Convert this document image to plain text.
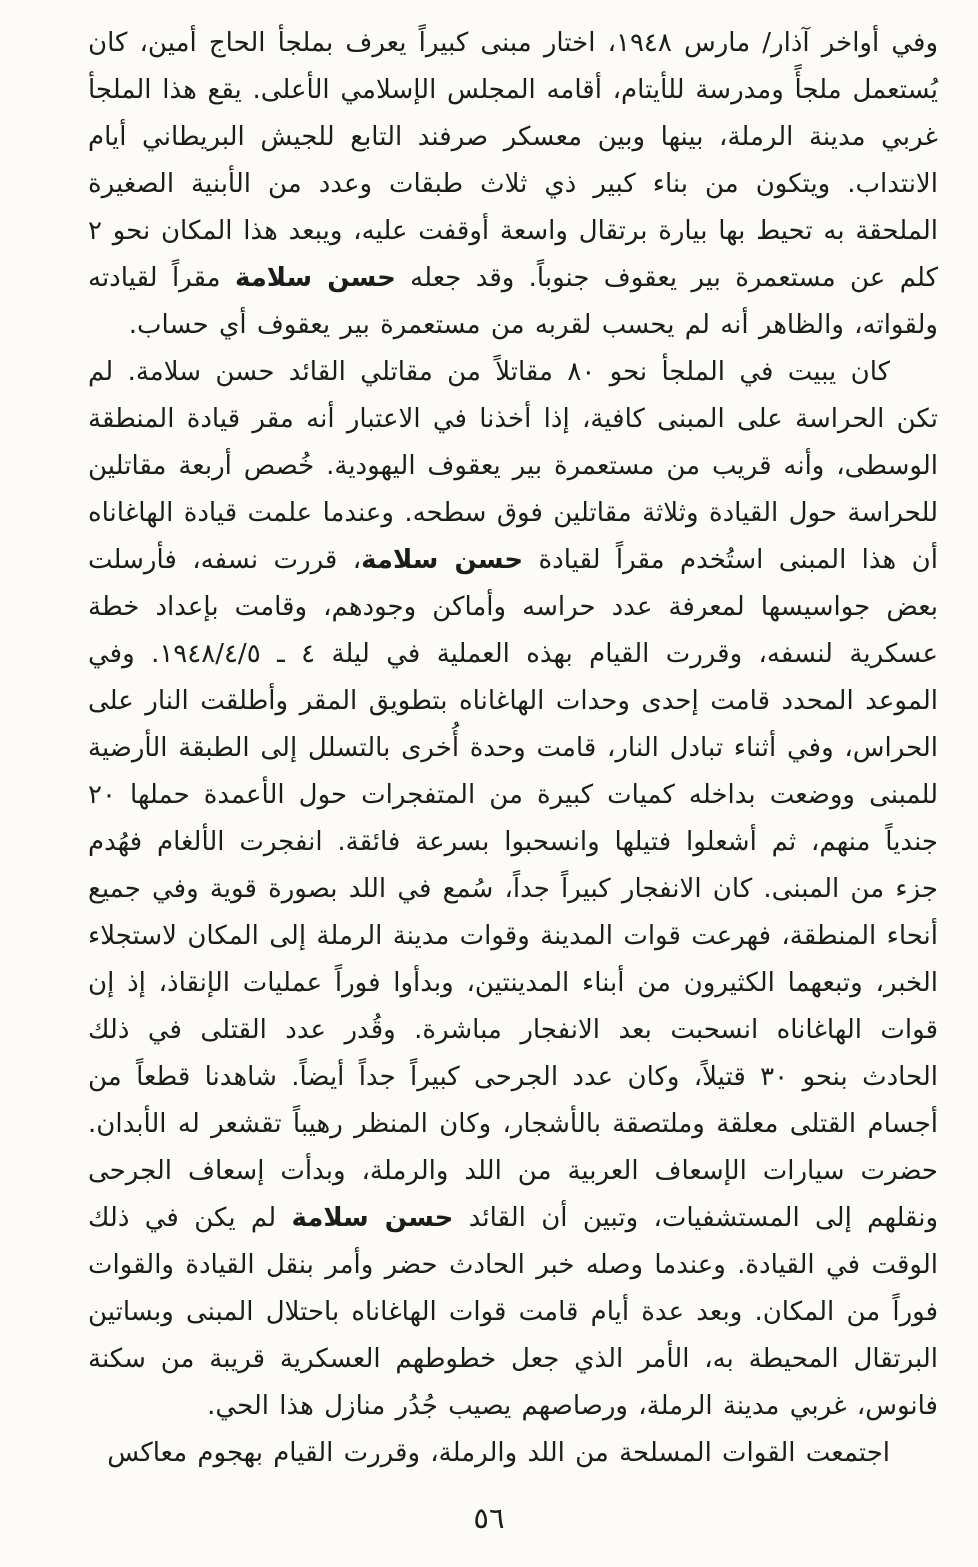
وفي أواخر آذار/ مارس ١٩٤٨، اختار مبنى كبيراً يعرف بملجأ الحاج أمين، كان يُستعمل ملجأً ومدرسة للأيتام، أقامه المجلس الإسلامي الأعلى. يقع هذا الملجأ غربي مدينة الرملة، بينها وبين معسكر صرفند التابع للجيش البريطاني أيام الانتداب. ويتكون من بناء كبير ذي ثلاث طبقات وعدد من الأبنية الصغيرة الملحقة به تحيط بها بيارة برتقال واسعة أوقفت عليه، ويبعد هذا المكان نحو ٢ كلم عن مستعمرة بير يعقوف جنوباً. وقد جعله حسن سلامة مقراً لقيادته ولقواته، والظاهر أنه لم يحسب لقربه من مستعمرة بير يعقوف أي حساب.

كان يبيت في الملجأ نحو ٨٠ مقاتلاً من مقاتلي القائد حسن سلامة. لم تكن الحراسة على المبنى كافية، إذا أخذنا في الاعتبار أنه مقر قيادة المنطقة الوسطى، وأنه قريب من مستعمرة بير يعقوف اليهودية. خُصص أربعة مقاتلين للحراسة حول القيادة وثلاثة مقاتلين فوق سطحه. وعندما علمت قيادة الهاغاناه أن هذا المبنى استُخدم مقراً لقيادة حسن سلامة، قررت نسفه، فأرسلت بعض جواسيسها لمعرفة عدد حراسه وأماكن وجودهم، وقامت بإعداد خطة عسكرية لنسفه، وقررت القيام بهذه العملية في ليلة ٤ ـ ١٩٤٨/٤/٥. وفي الموعد المحدد قامت إحدى وحدات الهاغاناه بتطويق المقر وأطلقت النار على الحراس، وفي أثناء تبادل النار، قامت وحدة أُخرى بالتسلل إلى الطبقة الأرضية للمبنى ووضعت بداخله كميات كبيرة من المتفجرات حول الأعمدة حملها ٢٠ جندياً منهم، ثم أشعلوا فتيلها وانسحبوا بسرعة فائقة. انفجرت الألغام فهُدم جزء من المبنى. كان الانفجار كبيراً جداً، سُمع في اللد بصورة قوية وفي جميع أنحاء المنطقة، فهرعت قوات المدينة وقوات مدينة الرملة إلى المكان لاستجلاء الخبر، وتبعهما الكثيرون من أبناء المدينتين، وبدأوا فوراً عمليات الإنقاذ، إذ إن قوات الهاغاناه انسحبت بعد الانفجار مباشرة. وقُدر عدد القتلى في ذلك الحادث بنحو ٣٠ قتيلاً، وكان عدد الجرحى كبيراً جداً أيضاً. شاهدنا قطعاً من أجسام القتلى معلقة وملتصقة بالأشجار، وكان المنظر رهيباً تقشعر له الأبدان. حضرت سيارات الإسعاف العربية من اللد والرملة، وبدأت إسعاف الجرحى ونقلهم إلى المستشفيات، وتبين أن القائد حسن سلامة لم يكن في ذلك الوقت في القيادة. وعندما وصله خبر الحادث حضر وأمر بنقل القيادة والقوات فوراً من المكان. وبعد عدة أيام قامت قوات الهاغاناه باحتلال المبنى وبساتين البرتقال المحيطة به، الأمر الذي جعل خطوطهم العسكرية قريبة من سكنة فانوس، غربي مدينة الرملة، ورصاصهم يصيب جُدُر منازل هذا الحي.

اجتمعت القوات المسلحة من اللد والرملة، وقررت القيام بهجوم معاكس

٥٦
